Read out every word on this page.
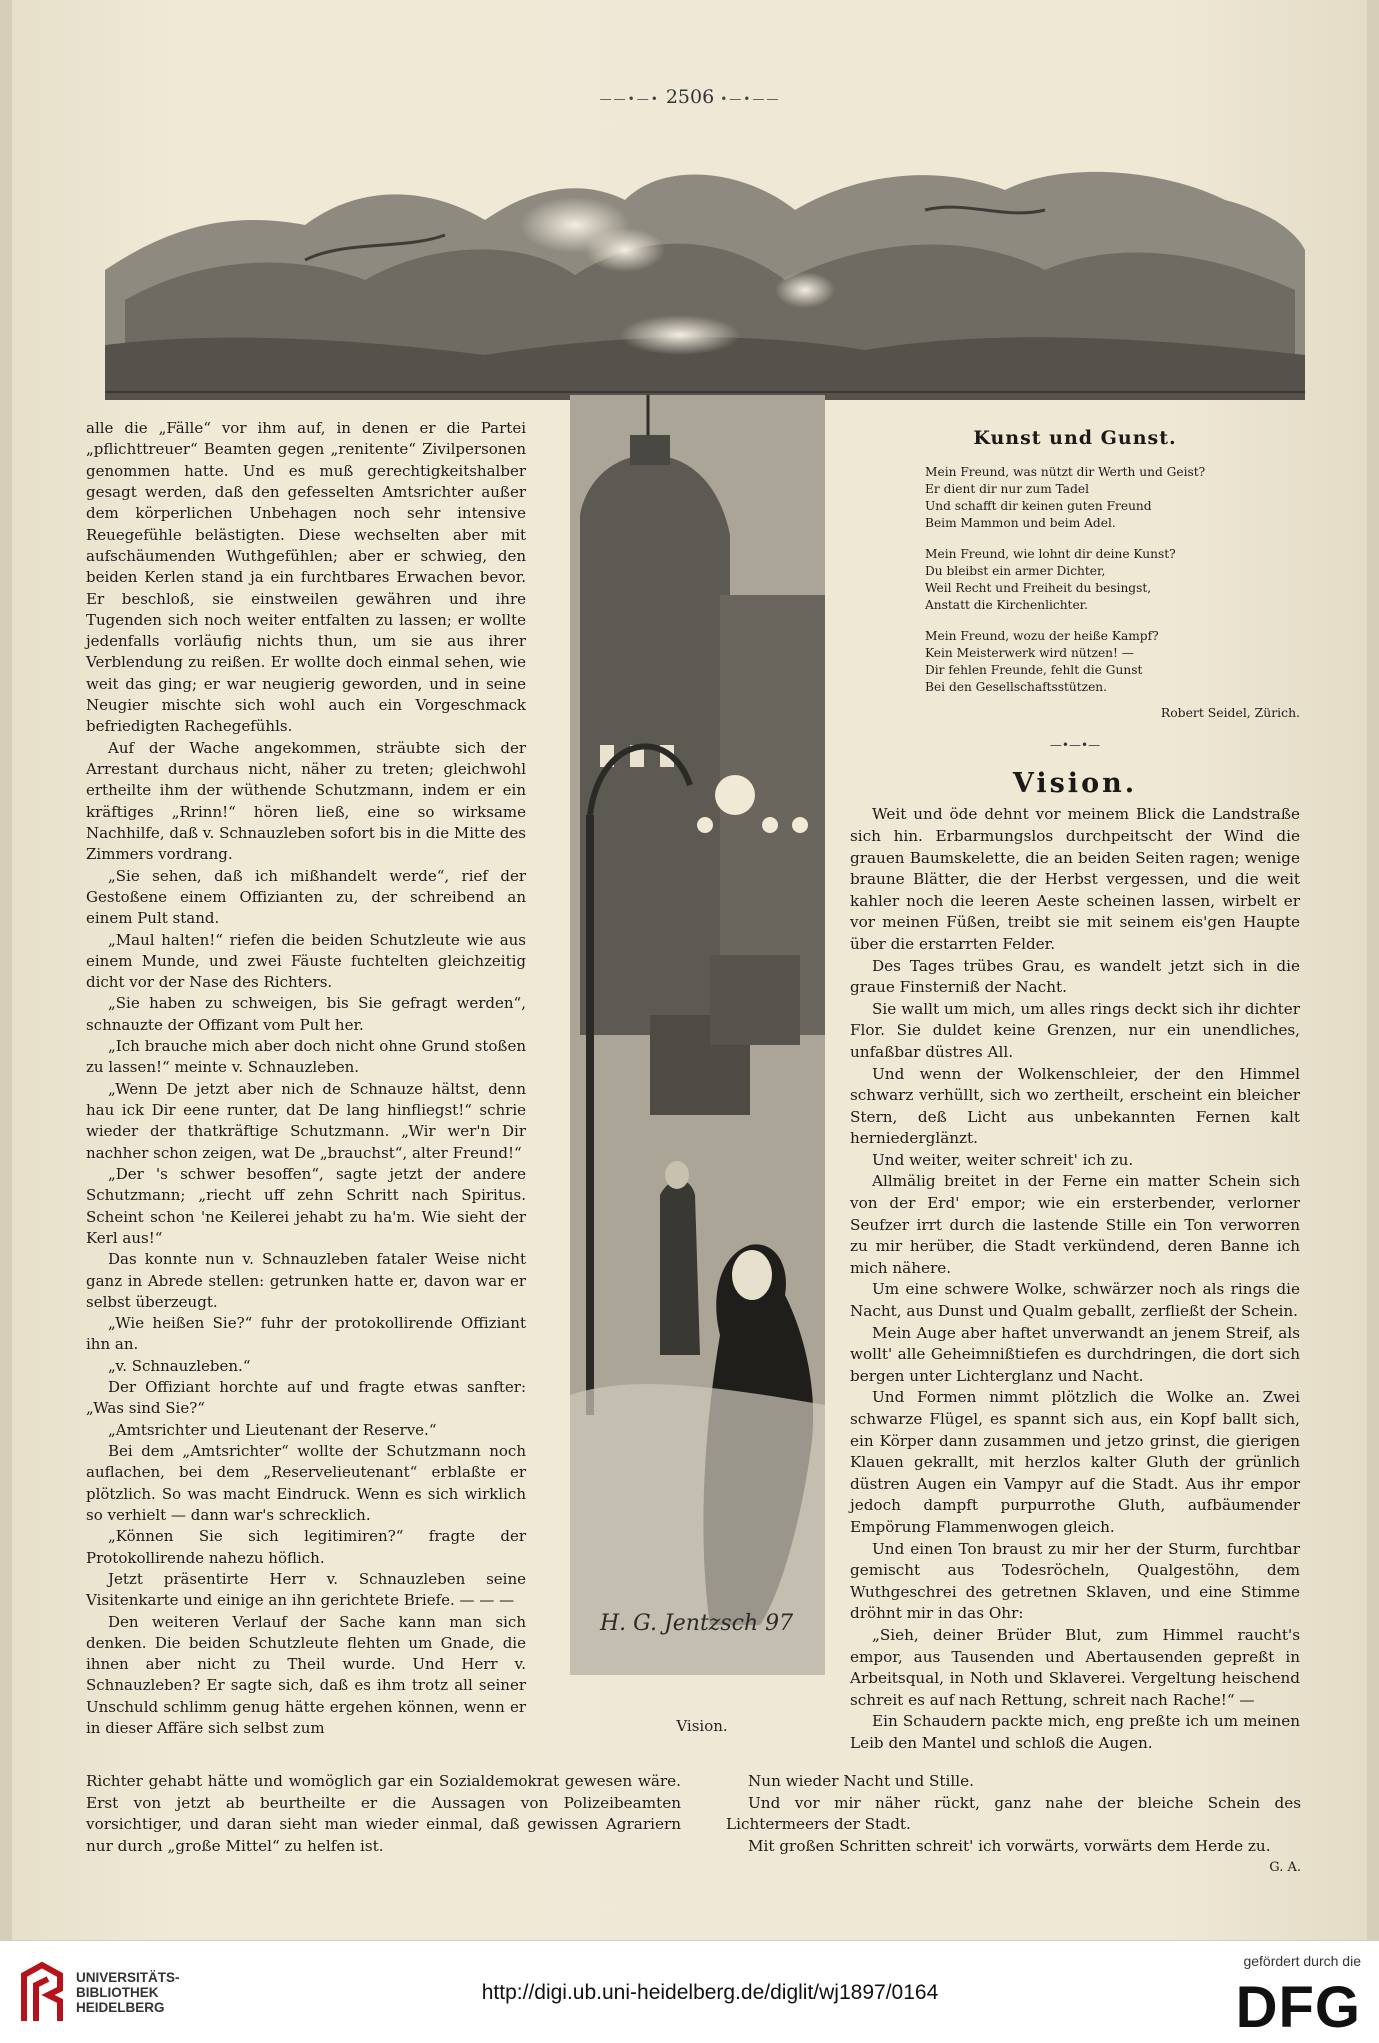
——•—• 2506 •—•——
H. G. Jentzsch 97
Vision.

alle die „Fälle“ vor ihm auf, in denen er die Partei „pflichttreuer“ Beamten gegen „renitente“ Zivilpersonen genommen hatte. Und es muß gerechtigkeitshalber gesagt werden, daß den gefesselten Amtsrichter außer dem körperlichen Unbehagen noch sehr intensive Reuegefühle belästigten. Diese wechselten aber mit aufschäumenden Wuthgefühlen; aber er schwieg, den beiden Kerlen stand ja ein furchtbares Erwachen bevor. Er beschloß, sie einstweilen gewähren und ihre Tugenden sich noch weiter entfalten zu lassen; er wollte jedenfalls vorläufig nichts thun, um sie aus ihrer Verblendung zu reißen. Er wollte doch einmal sehen, wie weit das ging; er war neugierig geworden, und in seine Neugier mischte sich wohl auch ein Vorgeschmack befriedigten Rachegefühls.

Auf der Wache angekommen, sträubte sich der Arrestant durchaus nicht, näher zu treten; gleichwohl ertheilte ihm der wüthende Schutzmann, indem er ein kräftiges „Rrinn!“ hören ließ, eine so wirksame Nachhilfe, daß v. Schnauzleben sofort bis in die Mitte des Zimmers vordrang.

„Sie sehen, daß ich mißhandelt werde“, rief der Gestoßene einem Offizianten zu, der schreibend an einem Pult stand.

„Maul halten!“ riefen die beiden Schutzleute wie aus einem Munde, und zwei Fäuste fuchtelten gleichzeitig dicht vor der Nase des Richters.

„Sie haben zu schweigen, bis Sie gefragt werden“, schnauzte der Offizant vom Pult her.

„Ich brauche mich aber doch nicht ohne Grund stoßen zu lassen!“ meinte v. Schnauzleben.

„Wenn De jetzt aber nich de Schnauze hältst, denn hau ick Dir eene runter, dat De lang hinfliegst!“ schrie wieder der thatkräftige Schutzmann. „Wir wer'n Dir nachher schon zeigen, wat De „brauchst“, alter Freund!“

„Der 's schwer besoffen“, sagte jetzt der andere Schutzmann; „riecht uff zehn Schritt nach Spiritus. Scheint schon 'ne Keilerei jehabt zu ha'm. Wie sieht der Kerl aus!“

Das konnte nun v. Schnauzleben fataler Weise nicht ganz in Abrede stellen: getrunken hatte er, davon war er selbst überzeugt.

„Wie heißen Sie?“ fuhr der protokollirende Offiziant ihn an.

„v. Schnauzleben.“

Der Offiziant horchte auf und fragte etwas sanfter: „Was sind Sie?“

„Amtsrichter und Lieutenant der Reserve.“

Bei dem „Amtsrichter“ wollte der Schutzmann noch auflachen, bei dem „Reservelieutenant“ erblaßte er plötzlich. So was macht Eindruck. Wenn es sich wirklich so verhielt — dann war's schrecklich.

„Können Sie sich legitimiren?“ fragte der Protokollirende nahezu höflich.

Jetzt präsentirte Herr v. Schnauzleben seine Visitenkarte und einige an ihn gerichtete Briefe. — — —

Den weiteren Verlauf der Sache kann man sich denken. Die beiden Schutzleute flehten um Gnade, die ihnen aber nicht zu Theil wurde. Und Herr v. Schnauzleben? Er sagte sich, daß es ihm trotz all seiner Unschuld schlimm genug hätte ergehen können, wenn er in dieser Affäre sich selbst zum

Richter gehabt hätte und womöglich gar ein Sozialdemokrat gewesen wäre. Erst von jetzt ab beurtheilte er die Aussagen von Polizeibeamten vorsichtiger, und daran sieht man wieder einmal, daß gewissen Agrariern nur durch „große Mittel“ zu helfen ist.

Kunst und Gunst.
Mein Freund, was nützt dir Werth und Geist?
Er dient dir nur zum Tadel
Und schafft dir keinen guten Freund
Beim Mammon und beim Adel.
Mein Freund, wie lohnt dir deine Kunst?
Du bleibst ein armer Dichter,
Weil Recht und Freiheit du besingst,
Anstatt die Kirchenlichter.
Mein Freund, wozu der heiße Kampf?
Kein Meisterwerk wird nützen! —
Dir fehlen Freunde, fehlt die Gunst
Bei den Gesellschaftsstützen.
Robert Seidel, Zürich.
—•—•—
Vision.

Weit und öde dehnt vor meinem Blick die Landstraße sich hin. Erbarmungslos durchpeitscht der Wind die grauen Baumskelette, die an beiden Seiten ragen; wenige braune Blätter, die der Herbst vergessen, und die weit kahler noch die leeren Aeste scheinen lassen, wirbelt er vor meinen Füßen, treibt sie mit seinem eis'gen Haupte über die erstarrten Felder.

Des Tages trübes Grau, es wandelt jetzt sich in die graue Finsterniß der Nacht.

Sie wallt um mich, um alles rings deckt sich ihr dichter Flor. Sie duldet keine Grenzen, nur ein unendliches, unfaßbar düstres All.

Und wenn der Wolkenschleier, der den Himmel schwarz verhüllt, sich wo zertheilt, erscheint ein bleicher Stern, deß Licht aus unbekannten Fernen kalt herniederglänzt.

Und weiter, weiter schreit' ich zu.

Allmälig breitet in der Ferne ein matter Schein sich von der Erd' empor; wie ein ersterbender, verlorner Seufzer irrt durch die lastende Stille ein Ton verworren zu mir herüber, die Stadt verkündend, deren Banne ich mich nähere.

Um eine schwere Wolke, schwärzer noch als rings die Nacht, aus Dunst und Qualm geballt, zerfließt der Schein.

Mein Auge aber haftet unverwandt an jenem Streif, als wollt' alle Geheimnißtiefen es durchdringen, die dort sich bergen unter Lichterglanz und Nacht.

Und Formen nimmt plötzlich die Wolke an. Zwei schwarze Flügel, es spannt sich aus, ein Kopf ballt sich, ein Körper dann zusammen und jetzo grinst, die gierigen Klauen gekrallt, mit herzlos kalter Gluth der grünlich düstren Augen ein Vampyr auf die Stadt. Aus ihr empor jedoch dampft purpurrothe Gluth, aufbäumender Empörung Flammenwogen gleich.

Und einen Ton braust zu mir her der Sturm, furchtbar gemischt aus Todesröcheln, Qualgestöhn, dem Wuthgeschrei des getretnen Sklaven, und eine Stimme dröhnt mir in das Ohr:

„Sieh, deiner Brüder Blut, zum Himmel raucht's empor, aus Tausenden und Abertausenden gepreßt in Arbeitsqual, in Noth und Sklaverei. Vergeltung heischend schreit es auf nach Rettung, schreit nach Rache!“ —

Ein Schaudern packte mich, eng preßte ich um meinen Leib den Mantel und schloß die Augen.

Nun wieder Nacht und Stille.

Und vor mir näher rückt, ganz nahe der bleiche Schein des Lichtermeers der Stadt.

Mit großen Schritten schreit' ich vorwärts, vorwärts dem Herde zu.

G. A.
UNIVERSITÄTS-
BIBLIOTHEK
HEIDELBERG
http://digi.ub.uni-heidelberg.de/diglit/wj1897/0164
gefördert durch die
DFG
